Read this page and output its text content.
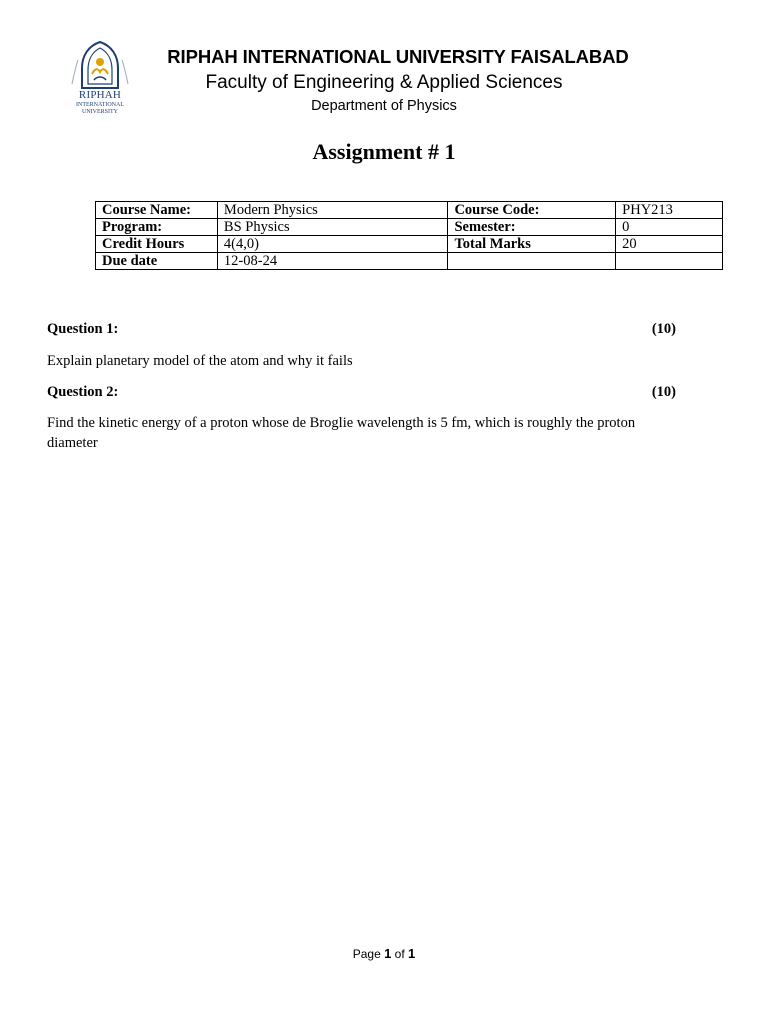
RIPHAH
INTERNATIONAL
UNIVERSITY
RIPHAH INTERNATIONAL UNIVERSITY FAISALABAD
Faculty of Engineering & Applied Sciences
Department of Physics
Assignment # 1
Course Name:	Modern Physics	Course Code:	PHY213
Program:	BS Physics	Semester:	0
Credit Hours	4(4,0)	Total Marks	20
Due date	12-08-24		
Question 1:	(10)
Explain planetary model of the atom and why it fails
Question 2:	(10)
Find the kinetic energy of a proton whose de Broglie wavelength is 5 fm, which is roughly the proton diameter
Page 1 of 1
